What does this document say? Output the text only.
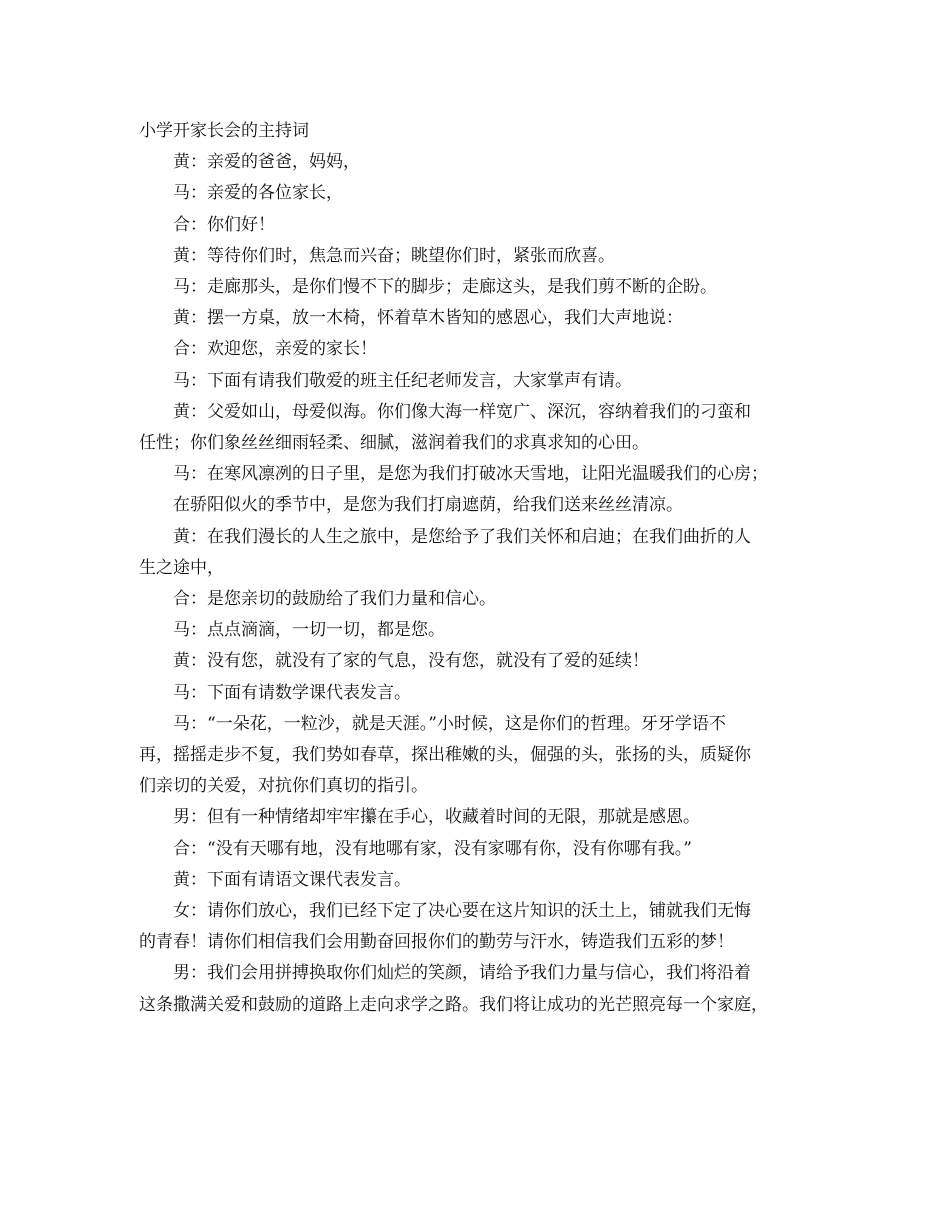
小学开家长会的主持词
黄：亲爱的爸爸，妈妈，
马：亲爱的各位家长，
合：你们好！
黄：等待你们时，焦急而兴奋；眺望你们时，紧张而欣喜。
马：走廊那头，是你们慢不下的脚步；走廊这头，是我们剪不断的企盼。
黄：摆一方桌，放一木椅，怀着草木皆知的感恩心，我们大声地说：
合：欢迎您，亲爱的家长！
马：下面有请我们敬爱的班主任纪老师发言，大家掌声有请。
黄：父爱如山，母爱似海。你们像大海一样宽广、深沉，容纳着我们的刁蛮和
任性；你们象丝丝细雨轻柔、细腻，滋润着我们的求真求知的心田。
马：在寒风凛冽的日子里，是您为我们打破冰天雪地，让阳光温暖我们的心房；
在骄阳似火的季节中，是您为我们打扇遮荫，给我们送来丝丝清凉。
黄：在我们漫长的人生之旅中，是您给予了我们关怀和启迪；在我们曲折的人
生之途中，
合：是您亲切的鼓励给了我们力量和信心。
马：点点滴滴，一切一切，都是您。
黄：没有您，就没有了家的气息，没有您，就没有了爱的延续！
马：下面有请数学课代表发言。
马：“一朵花，一粒沙，就是天涯。”小时候，这是你们的哲理。牙牙学语不
再，摇摇走步不复，我们势如春草，探出稚嫩的头，倔强的头，张扬的头，质疑你
们亲切的关爱，对抗你们真切的指引。
男：但有一种情绪却牢牢攥在手心，收藏着时间的无限，那就是感恩。
合：“没有天哪有地，没有地哪有家，没有家哪有你，没有你哪有我。”
黄：下面有请语文课代表发言。
女：请你们放心，我们已经下定了决心要在这片知识的沃土上，铺就我们无悔
的青春！请你们相信我们会用勤奋回报你们的勤劳与汗水，铸造我们五彩的梦！
男：我们会用拼搏换取你们灿烂的笑颜，请给予我们力量与信心，我们将沿着
这条撒满关爱和鼓励的道路上走向求学之路。我们将让成功的光芒照亮每一个家庭，
